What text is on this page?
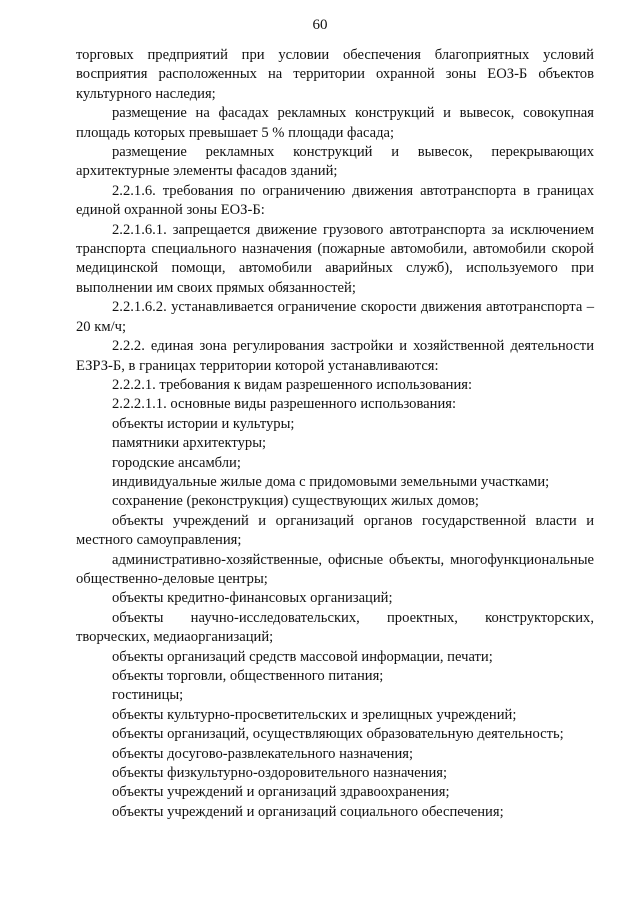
60

торговых предприятий при условии обеспечения благоприятных условий восприятия расположенных на территории охранной зоны ЕОЗ-Б объектов культурного наследия;

размещение на фасадах рекламных конструкций и вывесок, совокупная площадь которых превышает 5 % площади фасада;

размещение рекламных конструкций и вывесок, перекрывающих архитектурные элементы фасадов зданий;

2.2.1.6. требования по ограничению движения автотранспорта в границах единой охранной зоны ЕОЗ-Б:

2.2.1.6.1. запрещается движение грузового автотранспорта за исключением транспорта специального назначения (пожарные автомобили, автомобили скорой медицинской помощи, автомобили аварийных служб), используемого при выполнении им своих прямых обязанностей;

2.2.1.6.2. устанавливается ограничение скорости движения автотранспорта – 20 км/ч;

2.2.2. единая зона регулирования застройки и хозяйственной деятельности ЕЗРЗ-Б, в границах территории которой устанавливаются:

2.2.2.1. требования к видам разрешенного использования:

2.2.2.1.1. основные виды разрешенного использования:

объекты истории и культуры;

памятники архитектуры;

городские ансамбли;

индивидуальные жилые дома с придомовыми земельными участками;

сохранение (реконструкция) существующих жилых домов;

объекты учреждений и организаций органов государственной власти и местного самоуправления;

административно-хозяйственные, офисные объекты, многофункциональные общественно-деловые центры;

объекты кредитно-финансовых организаций;

объекты научно-исследовательских, проектных, конструкторских, творческих, медиаорганизаций;

объекты организаций средств массовой информации, печати;

объекты торговли, общественного питания;

гостиницы;

объекты культурно-просветительских и зрелищных учреждений;

объекты организаций, осуществляющих образовательную деятельность;

объекты досугово-развлекательного назначения;

объекты физкультурно-оздоровительного назначения;

объекты учреждений и организаций здравоохранения;

объекты учреждений и организаций социального обеспечения;
